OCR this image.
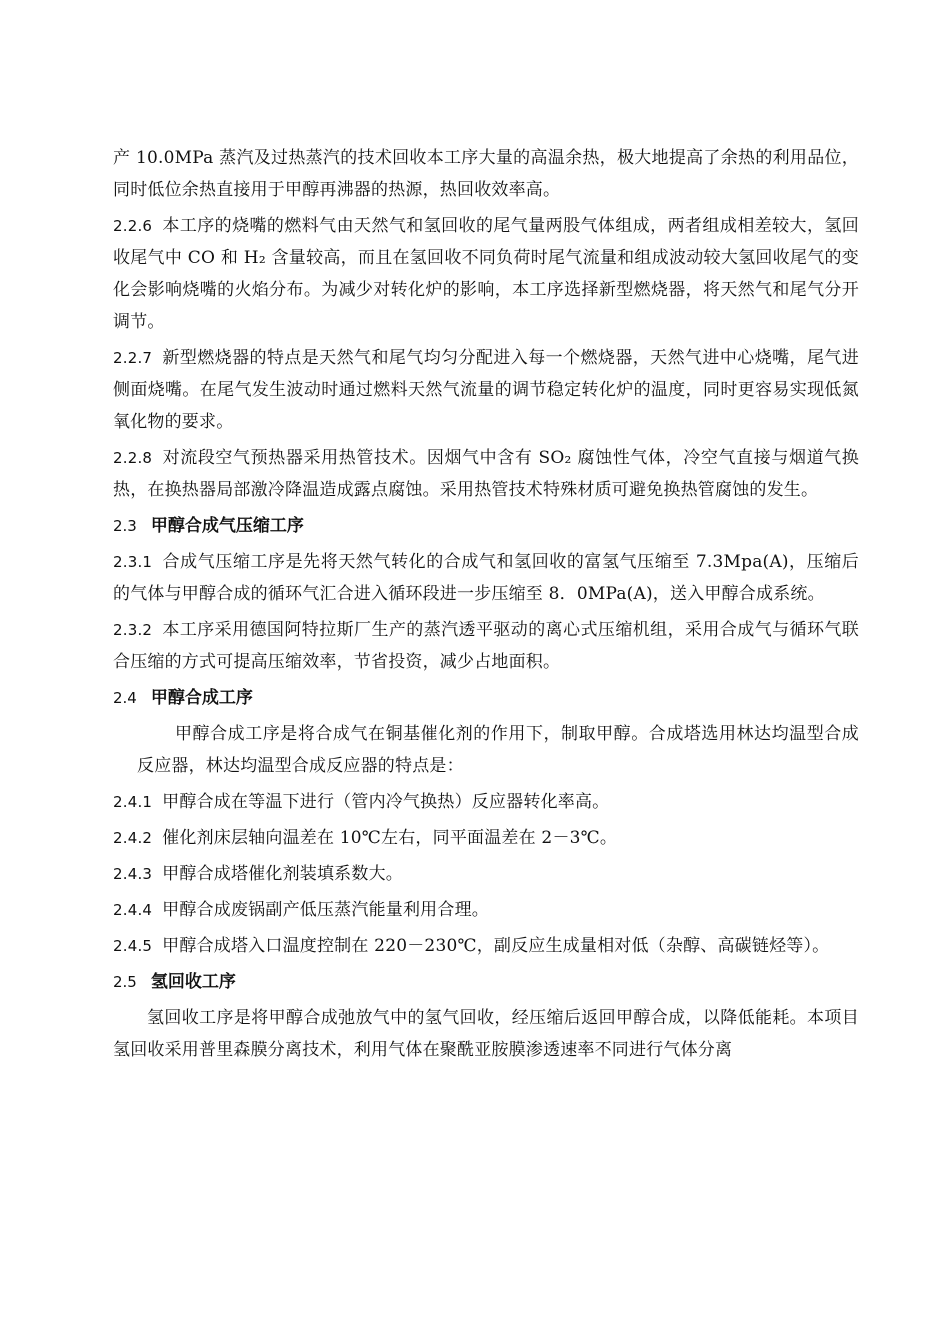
产 10.0MPa 蒸汽及过热蒸汽的技术回收本工序大量的高温余热，极大地提高了余热的利用品位，同时低位余热直接用于甲醇再沸器的热源，热回收效率高。

2.2.6 本工序的烧嘴的燃料气由天然气和氢回收的尾气量两股气体组成，两者组成相差较大，氢回收尾气中 CO 和 H₂ 含量较高，而且在氢回收不同负荷时尾气流量和组成波动较大氢回收尾气的变化会影响烧嘴的火焰分布。为减少对转化炉的影响，本工序选择新型燃烧器，将天然气和尾气分开调节。

2.2.7 新型燃烧器的特点是天然气和尾气均匀分配进入每一个燃烧器，天然气进中心烧嘴，尾气进侧面烧嘴。在尾气发生波动时通过燃料天然气流量的调节稳定转化炉的温度，同时更容易实现低氮氧化物的要求。

2.2.8 对流段空气预热器采用热管技术。因烟气中含有 SO₂ 腐蚀性气体，冷空气直接与烟道气换热，在换热器局部激冷降温造成露点腐蚀。采用热管技术特殊材质可避免换热管腐蚀的发生。

2.3 甲醇合成气压缩工序

2.3.1 合成气压缩工序是先将天然气转化的合成气和氢回收的富氢气压缩至 7.3Mpa(A)，压缩后的气体与甲醇合成的循环气汇合进入循环段进一步压缩至 8．0MPa(A)，送入甲醇合成系统。

2.3.2 本工序采用德国阿特拉斯厂生产的蒸汽透平驱动的离心式压缩机组，采用合成气与循环气联合压缩的方式可提高压缩效率，节省投资，减少占地面积。

2.4 甲醇合成工序

甲醇合成工序是将合成气在铜基催化剂的作用下，制取甲醇。合成塔选用林达均温型合成反应器，林达均温型合成反应器的特点是：

2.4.1 甲醇合成在等温下进行（管内冷气换热）反应器转化率高。

2.4.2 催化剂床层轴向温差在 10℃左右，同平面温差在 2－3℃。

2.4.3 甲醇合成塔催化剂装填系数大。

2.4.4 甲醇合成废锅副产低压蒸汽能量利用合理。

2.4.5 甲醇合成塔入口温度控制在 220－230℃，副反应生成量相对低（杂醇、高碳链烃等）。

2.5 氢回收工序

氢回收工序是将甲醇合成弛放气中的氢气回收，经压缩后返回甲醇合成，以降低能耗。本项目氢回收采用普里森膜分离技术，利用气体在聚酰亚胺膜渗透速率不同进行气体分离
